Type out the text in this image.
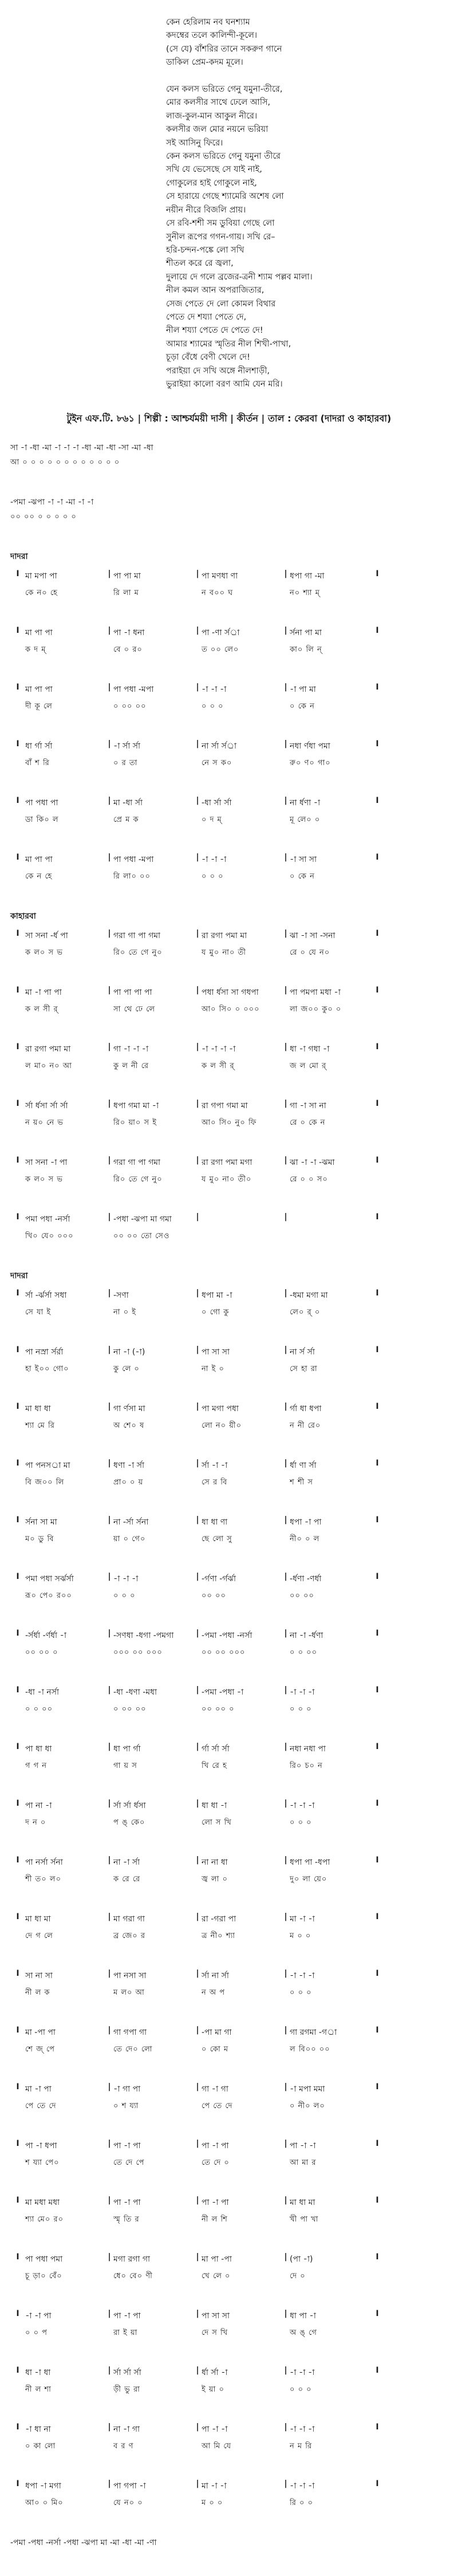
কেন হেরিলাম নব ঘনশ্যাম
কদম্বের তলে কালিন্দী-কূলে।
(সে যে) বাঁশরির তানে সকরুণ গানে
ডাকিল প্রেম-কদম মূলে।

যেন কলস ভরিতে গেনু যমুনা-তীরে,
মোর কলসীর সাথে ঢেলে আসি,
লাজ-কুল-মান আকুল নীরে।
কলসীর জল মোর নয়নে ভরিয়া
সই আসিনু ফিরে।
কেন কলস ভরিতে গেনু যমুনা তীরে
সখি যে ভেসেছে সে যাই নাই,
গোকুলের হাই গোকুলে নাই,
সে হারায়ে গেছে শ্যামেরি অশেষ লো
নয়ীন নীরে বিজলি প্রায়।
সে রবি-শশী সম ডুবিয়া গেছে লো
সুনীল রূপের গগন-গায়। সখি রে–
হরি-চন্দন-পঙ্কে লো সখি
শীতল করে রে জ্বলা,
দুলায়ে দে গলে ব্রজের-ত্রনী শ্যাম পল্লব মালা।
নীল কমল আন অপরাজিতার,
সেজ পেতে দে লো কোমল বিথার
পেতে দে শয্যা পেতে দে,
নীল শয্যা পেতে দে পেতে দে!
আমার শ্যামের স্মৃতির নীল শিখী-পাখা,
চূড়া বেঁধে বেণী খেলে দে!
পরাইয়া দে সখি অঙ্গে নীলশাড়ী,
ভুরাইয়া কালো বরণ আমি যেন মরি।
টুইন এফ.টি. ৮৬১ | শিল্পী : আশ্চর্যময়ী দাসী | কীর্তন | তাল : কেরবা (দাদরা ও কাহারবা)
সা -া -ধা -মা -া -া -া -ধা -মা -ধা -সা -মা -ধা
আ ০ ০ ০ ০ ০ ০ ০ ০ ০ ০ ০ ০
-পমা -ঝপা -া -া -মা -া -া
০০ ০০ ০ ০ ০ ০ ০
দাদরা
I মা মপা পা	| পা পা মা	| পা মণধা ণা	| ধপা গা -মা	I
কে ন০ হে	রি লা ম	ন ব০০ ঘ	ন০ শ্যা ম্
I মা পা পা	| পা -া ধনা	| পা -ণা র্সর্া	| র্সনা পা মা	I
ক দ ম্	বে ০ র০	ত ০০ লে০	কা০ লি ন্
I মা পা পা	| পা পধা -মপা	| -া -া -া	| -া পা মা	I
দী কূ লে	০ ০০ ০০	০ ০ ০	০ কে ন
I ধা র্গা র্সা	| -া র্সা র্সা	| না র্সা র্সর্া	| নধা র্ণধা পমা	I
বাঁ শ রি	০ র তা	নে স ক০	রু০ ণ০ গা০
I পা পধা পা	| মা -ধা র্সা	| -ধা র্সা র্সা	| না র্ধণা -া	I
ডা কি০ ল	প্রে ম ক	০ দ ম্	মূ লে০ ০
I মা পা পা	| পা পধা -মপা	| -া -া -া	| -া সা সা	I
কে ন হে	রি লা০ ০০	০ ০ ০	০ কে ন
কাহারবা
I সা সনা -র্ধ পা	| গরা গা পা গমা	| রা রগা পমা মা	| ঝা -া সা -সনা	I
ক ল০ স ভ	রি০ তে গে নু০	য মু০ না০ তী	রে ০ যে ন০
I মা -া পা পা	| পা পা পা পা	| পধা র্ধসা সা গধপা	| পা পমপা মধা -া	I
ক ল সী র্	সা থে ঢে লে	আ০ সি০ ০ ০০০	লা জ০০ কু০ ০
I রা রগা পমা মা	| গা -া -া -া	| -া -া -া -া	| ধা -া গধা -া	I
ল মা০ ন০ আ	কু ল নী রে	ক ল সী র্	জ ল মো র্
I র্সা র্ধসা র্সা র্সা	| ধপা গমা মা -া	| রা গপা গমা মা	| গা -া সা না	I
ন য়০ নে ভ	রি০ য়া০ স ই	আ০ সি০ নু০ ফি	রে ০ কে ন
I সা সনা -া পা	| গরা গা পা গমা	| রা রগা পমা মগা	| ঝা -া -া -ঝমা	I
ক ল০ স ভ	রি০ তে গে নু০	য মু০ না০ তী০	রে ০ ০ স০
I পমা পধা -নর্সা	| -পধা -ঝপা মা গমা	|	|	I
খি০ যে০ ০০০	০০ ০০ তো সেও
দাদরা
I র্সা -র্ঝর্সা সধা	| -সণা	| ধপা মা -া	| -ধমা মগা মা	I
সে যা ই	না ০ ই	০ গো কু	লে০ র্ ০
I পা নস্রা র্সর্রা	| না -া (-া)	| পা সা সা	| না র্স র্সা	I
হা ই০০ গো০	কু লে ০	না ই ০	সে হা রা
I মা ধা ধা	| গা র্ণসা মা	| পা মগা পধা	| র্গা ধা ধপা	I
শ্যা মে রি	অ শে০ ষ	লো ন০ য়ী০	ন নী রে০
I পা পনসর্া মা	| ধণা -া র্সা	| র্সা -া -া	| র্ধা ণা র্সা	I
বি জ০০ লি	প্রা০ ০ য়	সে র বি	শ শী স
I র্সনা সা মা	| না -র্সা র্সনা	| ধা ধা ণা	| ধপা -া পা	I
ম০ ডু বি	য়া ০ গে০	ছে লো সু	নী০ ০ ল
I পমা পধা সর্ঝর্সা	| -া -া -া	| -র্গণা -র্গর্ঝা	| -র্ধণা -ণর্ধা	I
রূ০ পে০ র০০	০ ০ ০	০০ ০০	০০ ০০
I -র্সর্ধা -র্ণর্ধা -া	| -সণধা -ধগা -পমগা	| -পমা -পধা -নর্সা	| না -া -র্ধণা	I
০০ ০০ ০	০০০ ০০ ০০০	০০ ০০ ০০০	০ ০ ০০
I -ধা -া নর্সা	| -ধা -ধণা -মধা	| -পমা -পধা -া	| -া -া -া	I
০ ০ ০০	০ ০০ ০০	০০ ০০ ০	০ ০ ০
I পা ধা ধা	| ধা পা র্গা	| র্গা র্সা র্সা	| নধা নধা পা	I
গ গ ন	গা য় স	খি রে হ	রি০ চ০ ন
I পা না -া	| র্সা র্সা র্ধসা	| ধা ধা -া	| -া -া -া	I
দ ন ০	প ঙ্ কে০	লো স খি	০ ০ ০
I পা নর্সা র্সনা	| না -া র্সা	| না না ধা	| ধপা পা -ধপা	I
শী ত০ ল০	ক রে রে	জ্ব লা ০	দু০ লা য়ে০
I মা ধা মা	| মা গরা গা	| রা -গরা পা	| মা -া -া	I
দে গ লে	ব্র জে০ র	ত্র নী০ শ্যা	ম ০ ০
I সা না সা	| পা নসা সা	| র্সা না র্সা	| -া -া -া	I
নী ল ক	ম ল০ আ	ন অ প	০ ০ ০
I মা -পা পা	| গা গপা গা	| -পা মা গা	| গা রগমা -গর্া	I
শে জ্ পে	তে দে০ লো	০ কো ম	ল বি০০ ০০
I মা -া পা	| -া গা পা	| গা -া গা	| -া মপা মমা	I
পে তে দে	০ শ য্যা	পে তে দে	০ নী০ ল০
I পা -া ধপা	| পা -া পা	| পা -া পা	| পা -া -া	I
শ য্যা পে০	তে দে পে	তে দে ০	আ মা র
I মা মধা মধা	| পা -া পা	| পা -া পা	| মা ধা মা	I
শ্যা মে০ র০	স্মৃ তি র	নী ল শি	খী পা খা
I পা পধা পমা	| মগা রগা গা	| মা পা -পা	| (পা -া)	I
চূ ড়া০ বেঁ০	ধে০ বে০ ণী	খে লে ০	দে ০
I -া -া পা	| পা -া পা	| পা সা সা	| ধা পা -া	I
০ ০ প	রা ই য়া	দে স খি	অ ঙ্ গে
I ধা -া ধা	| র্সা র্সা র্সা	| র্ধা র্সা -া	| -া -া -া	I
নী ল শা	ড়ী ভু রা	ই য়া ০	০ ০ ০
I -া ধা না	| না -া গা	| পা -া -া	| -া -া -া	I
০ কা লো	ব র ণ	আ মি যে	ন ম রি
I ধপা -া মগা	| পা গপা -া	| মা -া -া	| -া -া -া	I
আ০ ০ মি০	যে ন০ ০	ম ০ ০	রি ০ ০
-পমা -পধা -নর্সা -পধা -ঝপা মা -মা -ধা -মা -ণা
